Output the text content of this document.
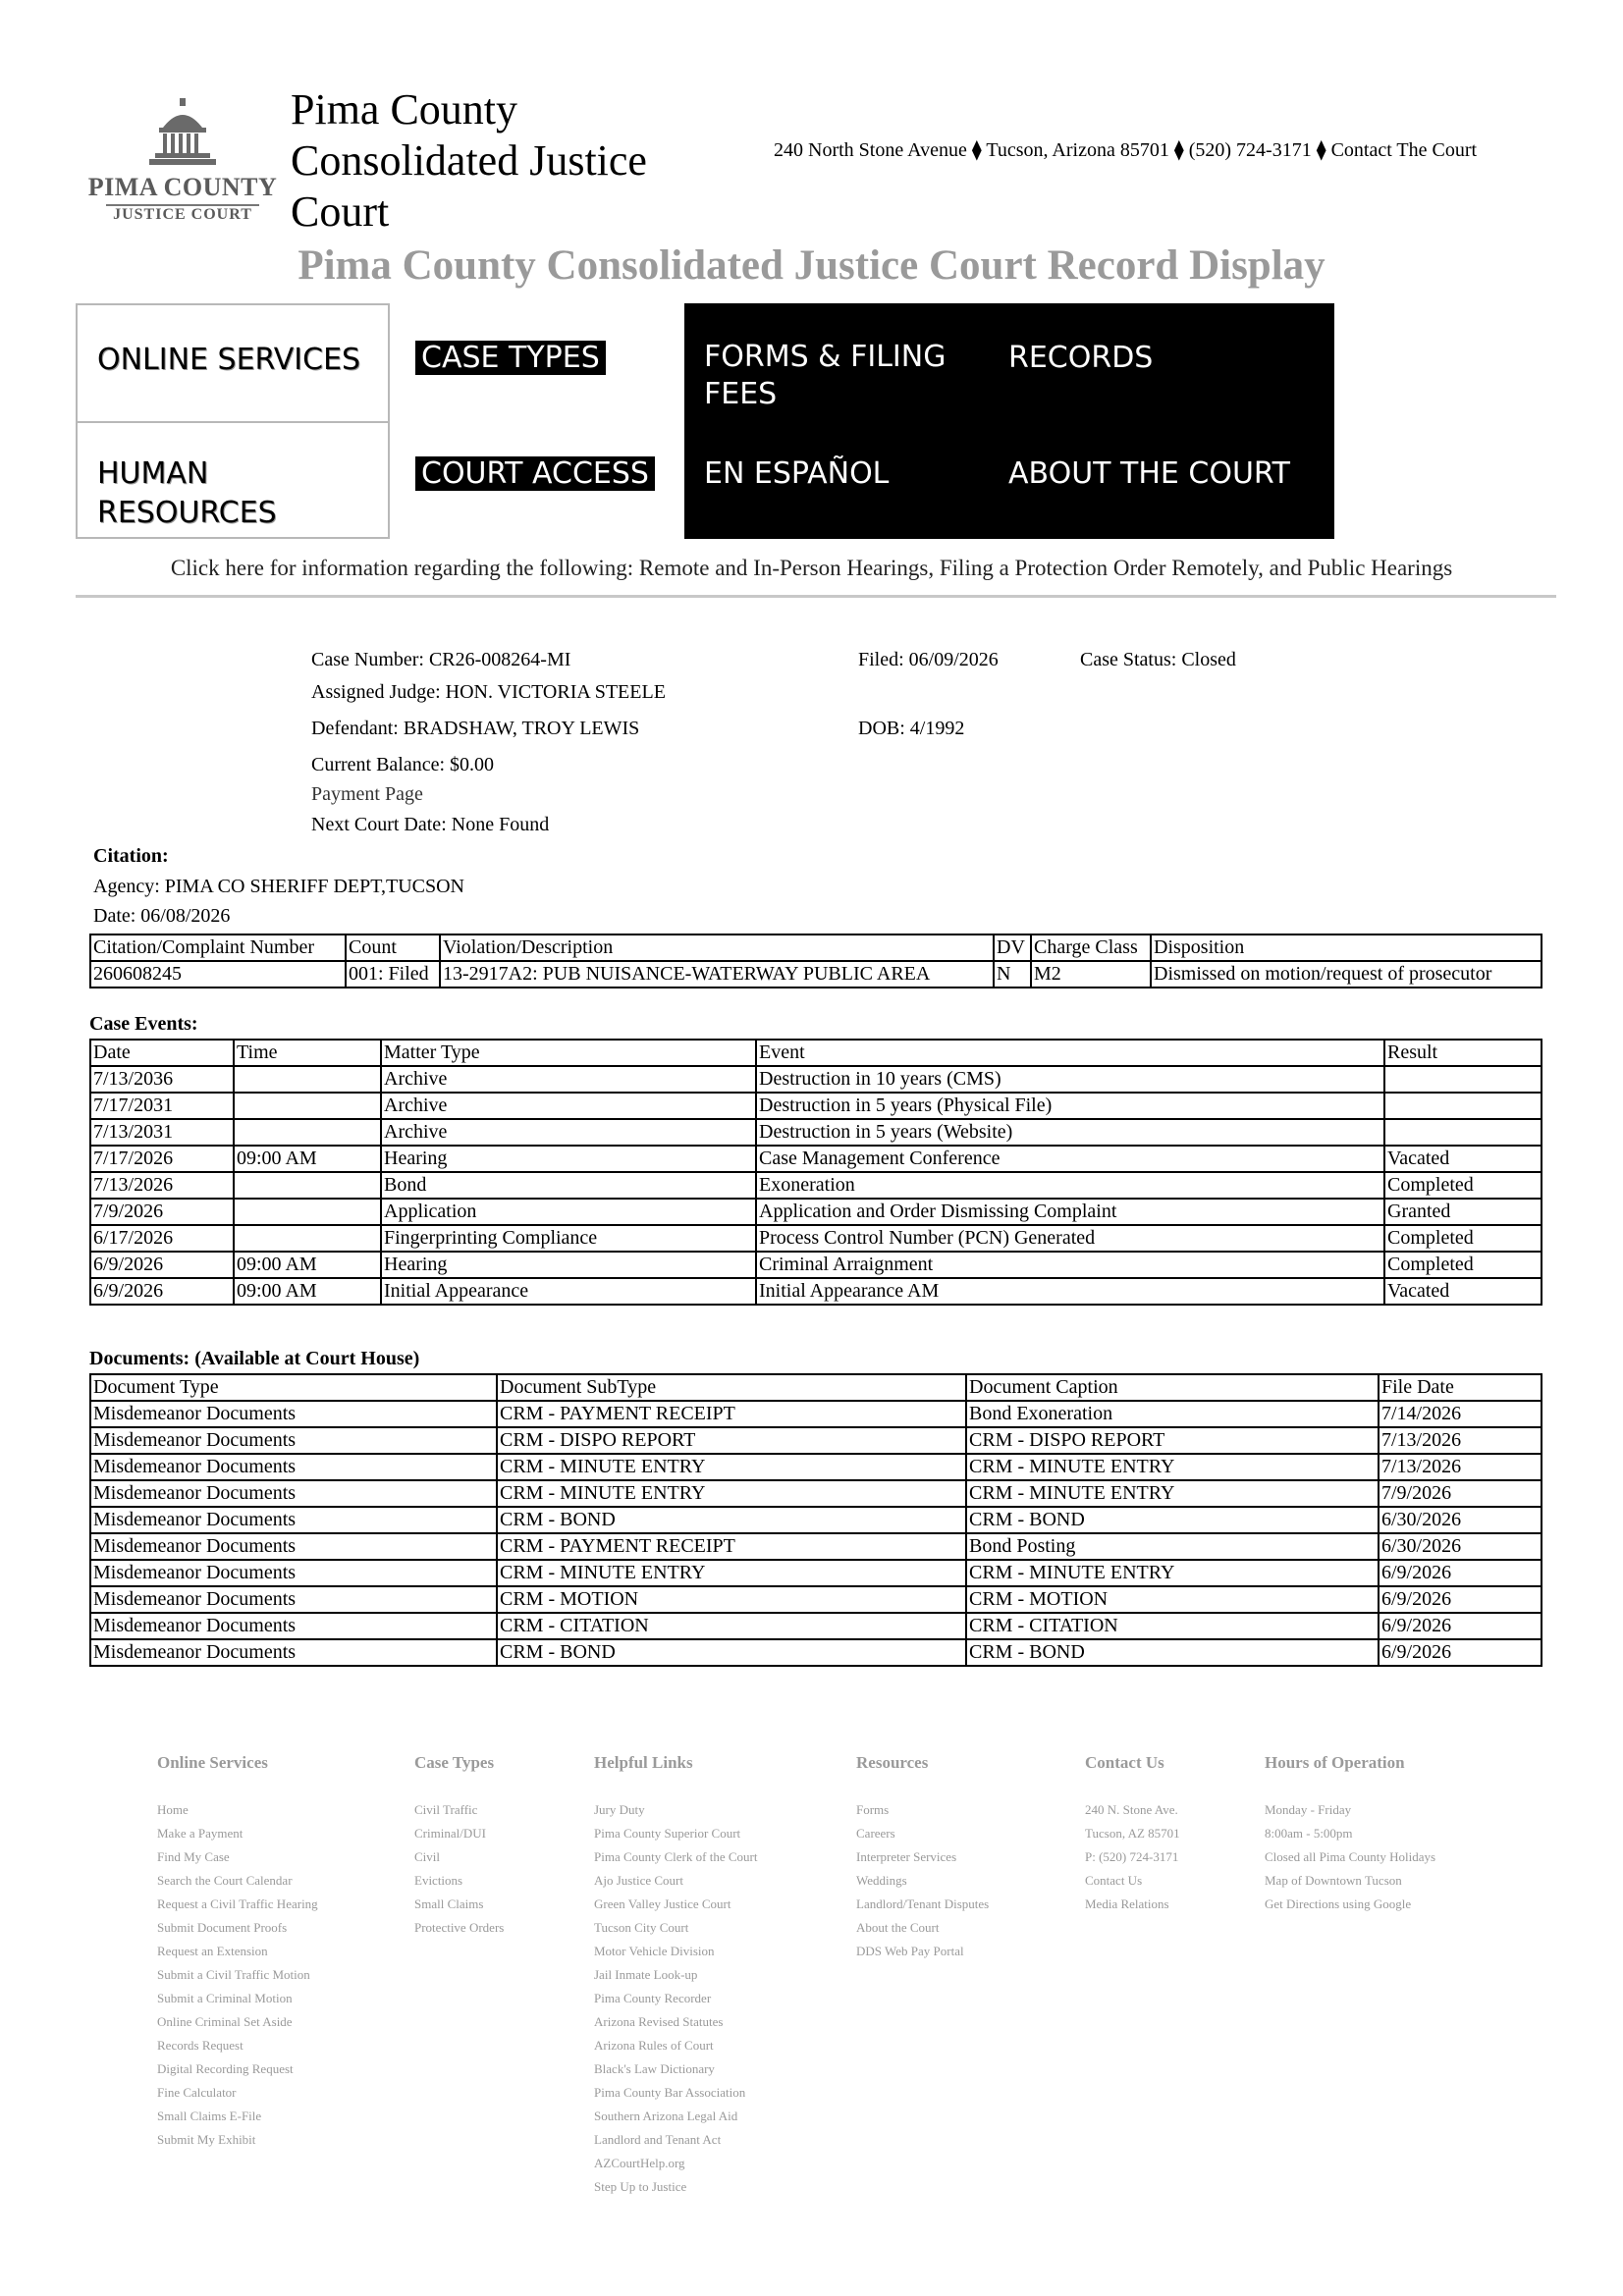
PIMA COUNTY
JUSTICE COURT
Pima County Consolidated Justice Court
240 North Stone Avenue ⧫ Tucson, Arizona 85701 ⧫ (520) 724-3171 ⧫ Contact The Court
Pima County Consolidated Justice Court Record Display
ONLINE SERVICES
HUMAN RESOURCES
CASE TYPES
COURT ACCESS
FORMS & FILING FEES
RECORDS
EN ESPAÑOL	ABOUT THE COURT
Click here for information regarding the following: Remote and In-Person Hearings, Filing a Protection Order Remotely, and Public Hearings
Case Number: CR26-008264-MI	Filed: 06/09/2026	Case Status: Closed
Assigned Judge: HON. VICTORIA STEELE
Defendant: BRADSHAW, TROY LEWIS	DOB: 4/1992
Current Balance: $0.00
Payment Page
Next Court Date: None Found
Citation:
Agency: PIMA CO SHERIFF DEPT,TUCSON
Date: 06/08/2026
Citation/Complaint Number	Count	Violation/Description	DV	Charge Class	Disposition
260608245	001: Filed	13-2917A2: PUB NUISANCE-WATERWAY PUBLIC AREA	N	M2	Dismissed on motion/request of prosecutor
Case Events:
Date	Time	Matter Type	Event	Result
7/13/2036		Archive	Destruction in 10 years (CMS)	
7/17/2031		Archive	Destruction in 5 years (Physical File)	
7/13/2031		Archive	Destruction in 5 years (Website)	
7/17/2026	09:00 AM	Hearing	Case Management Conference	Vacated
7/13/2026		Bond	Exoneration	Completed
7/9/2026		Application	Application and Order Dismissing Complaint	Granted
6/17/2026		Fingerprinting Compliance	Process Control Number (PCN) Generated	Completed
6/9/2026	09:00 AM	Hearing	Criminal Arraignment	Completed
6/9/2026	09:00 AM	Initial Appearance	Initial Appearance AM	Vacated
Documents: (Available at Court House)
Document Type	Document SubType	Document Caption	File Date
Misdemeanor Documents	CRM - PAYMENT RECEIPT	Bond Exoneration	7/14/2026
Misdemeanor Documents	CRM - DISPO REPORT	CRM - DISPO REPORT	7/13/2026
Misdemeanor Documents	CRM - MINUTE ENTRY	CRM - MINUTE ENTRY	7/13/2026
Misdemeanor Documents	CRM - MINUTE ENTRY	CRM - MINUTE ENTRY	7/9/2026
Misdemeanor Documents	CRM - BOND	CRM - BOND	6/30/2026
Misdemeanor Documents	CRM - PAYMENT RECEIPT	Bond Posting	6/30/2026
Misdemeanor Documents	CRM - MINUTE ENTRY	CRM - MINUTE ENTRY	6/9/2026
Misdemeanor Documents	CRM - MOTION	CRM - MOTION	6/9/2026
Misdemeanor Documents	CRM - CITATION	CRM - CITATION	6/9/2026
Misdemeanor Documents	CRM - BOND	CRM - BOND	6/9/2026
Online Services
Home
Make a Payment
Find My Case
Search the Court Calendar
Request a Civil Traffic Hearing
Submit Document Proofs
Request an Extension
Submit a Civil Traffic Motion
Submit a Criminal Motion
Online Criminal Set Aside
Records Request
Digital Recording Request
Fine Calculator
Small Claims E-File
Submit My Exhibit
Case Types
Civil Traffic
Criminal/DUI
Civil
Evictions
Small Claims
Protective Orders
Helpful Links
Jury Duty
Pima County Superior Court
Pima County Clerk of the Court
Ajo Justice Court
Green Valley Justice Court
Tucson City Court
Motor Vehicle Division
Jail Inmate Look-up
Pima County Recorder
Arizona Revised Statutes
Arizona Rules of Court
Black's Law Dictionary
Pima County Bar Association
Southern Arizona Legal Aid
Landlord and Tenant Act
AZCourtHelp.org
Step Up to Justice
Resources
Forms
Careers
Interpreter Services
Weddings
Landlord/Tenant Disputes
About the Court
DDS Web Pay Portal
Contact Us
240 N. Stone Ave.
Tucson, AZ 85701
P: (520) 724-3171
Contact Us
Media Relations
Hours of Operation
Monday - Friday
8:00am - 5:00pm
Closed all Pima County Holidays
Map of Downtown Tucson
Get Directions using Google
